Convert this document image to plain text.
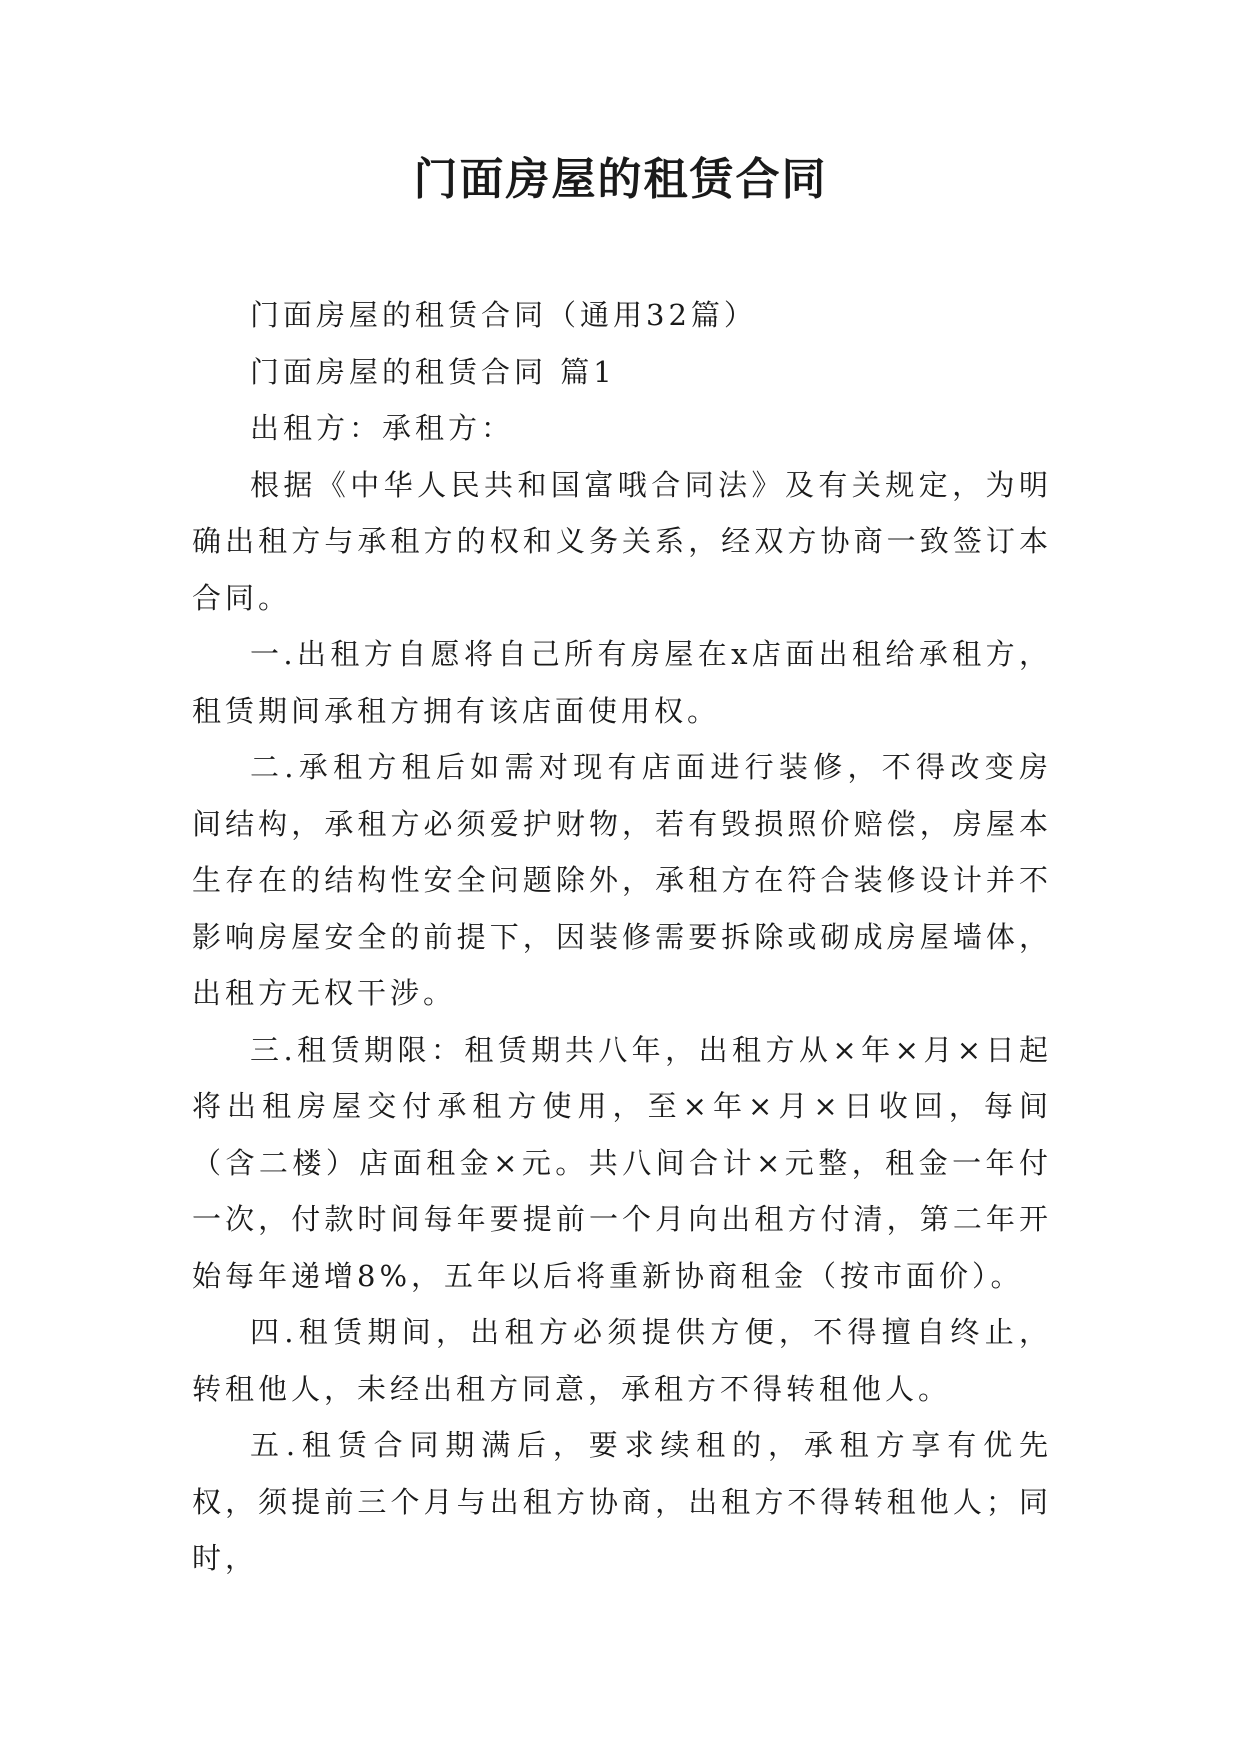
门面房屋的租赁合同

门面房屋的租赁合同（通用32篇）

门面房屋的租赁合同 篇1

出租方：承租方：

根据《中华人民共和国富哦合同法》及有关规定，为明确出租方与承租方的权和义务关系，经双方协商一致签订本合同。

一.出租方自愿将自己所有房屋在x店面出租给承租方，租赁期间承租方拥有该店面使用权。

二.承租方租后如需对现有店面进行装修，不得改变房间结构，承租方必须爱护财物，若有毁损照价赔偿，房屋本生存在的结构性安全问题除外，承租方在符合装修设计并不影响房屋安全的前提下，因装修需要拆除或砌成房屋墙体，出租方无权干涉。

三.租赁期限：租赁期共八年，出租方从×年×月×日起将出租房屋交付承租方使用，至×年×月×日收回，每间（含二楼）店面租金×元。共八间合计×元整，租金一年付一次，付款时间每年要提前一个月向出租方付清，第二年开始每年递增8%，五年以后将重新协商租金（按市面价）。

四.租赁期间，出租方必须提供方便，不得擅自终止，转租他人，未经出租方同意，承租方不得转租他人。

五.租赁合同期满后，要求续租的，承租方享有优先权，须提前三个月与出租方协商，出租方不得转租他人；同时，
